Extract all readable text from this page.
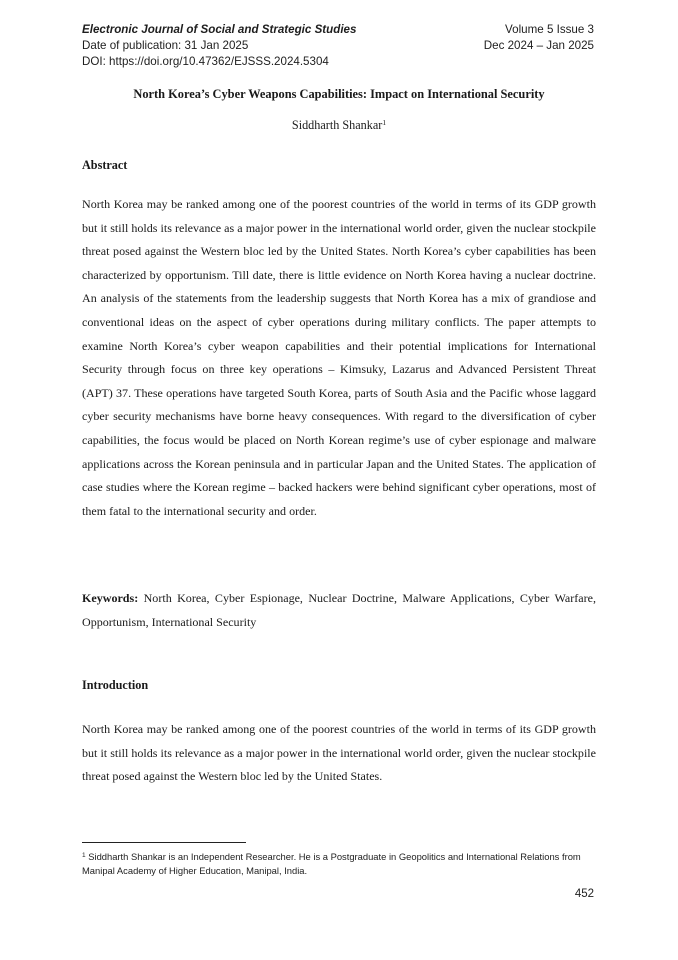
Electronic Journal of Social and Strategic Studies	Volume 5 Issue 3
Date of publication: 31 Jan 2025	Dec 2024 – Jan 2025
DOI: https://doi.org/10.47362/EJSSS.2024.5304
North Korea’s Cyber Weapons Capabilities: Impact on International Security
Siddharth Shankar$^1$
Abstract

North Korea may be ranked among one of the poorest countries of the world in terms of its GDP growth but it still holds its relevance as a major power in the international world order, given the nuclear stockpile threat posed against the Western bloc led by the United States. North Korea’s cyber capabilities has been characterized by opportunism. Till date, there is little evidence on North Korea having a nuclear doctrine. An analysis of the statements from the leadership suggests that North Korea has a mix of grandiose and conventional ideas on the aspect of cyber operations during military conflicts. The paper attempts to examine North Korea’s cyber weapon capabilities and their potential implications for International Security through focus on three key operations – Kimsuky, Lazarus and Advanced Persistent Threat (APT) 37. These operations have targeted South Korea, parts of South Asia and the Pacific whose laggard cyber security mechanisms have borne heavy consequences. With regard to the diversification of cyber capabilities, the focus would be placed on North Korean regime’s use of cyber espionage and malware applications across the Korean peninsula and in particular Japan and the United States. The application of case studies where the Korean regime – backed hackers were behind significant cyber operations, most of them fatal to the international security and order.

Keywords: North Korea, Cyber Espionage, Nuclear Doctrine, Malware Applications, Cyber Warfare, Opportunism, International Security

Introduction

North Korea may be ranked among one of the poorest countries of the world in terms of its GDP growth but it still holds its relevance as a major power in the international world order, given the nuclear stockpile threat posed against the Western bloc led by the United States.

$^1$ Siddharth Shankar is an Independent Researcher. He is a Postgraduate in Geopolitics and International Relations from Manipal Academy of Higher Education, Manipal, India.
452
